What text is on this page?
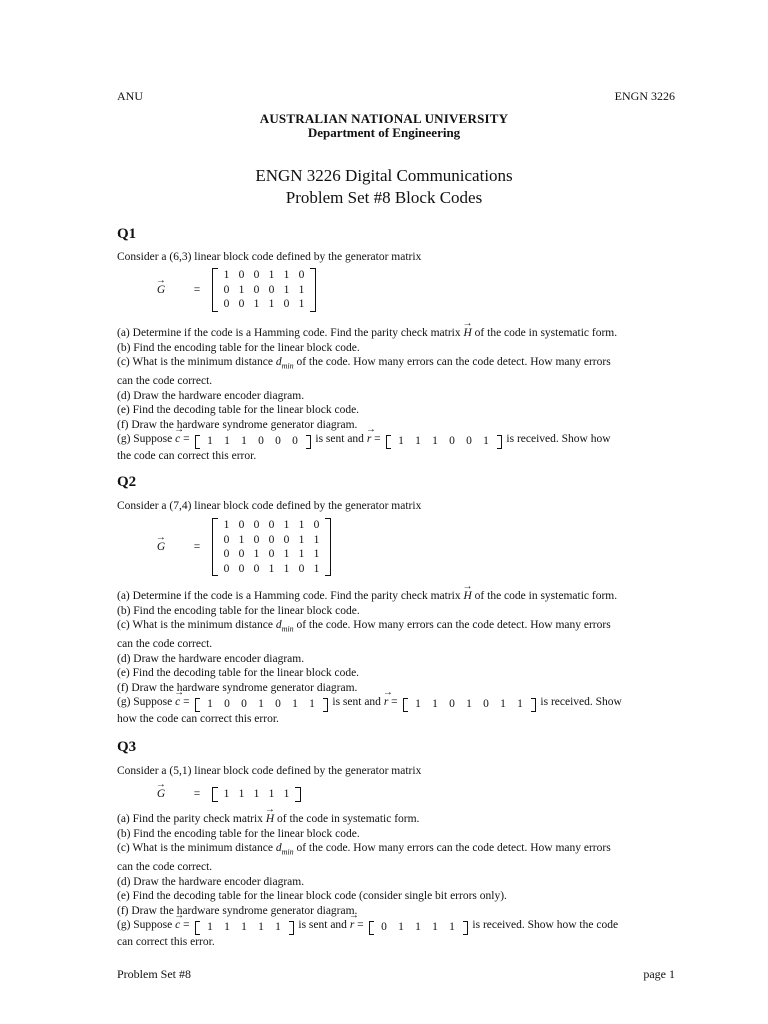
ANU	ENGN 3226
AUSTRALIAN NATIONAL UNIVERSITY
Department of Engineering
ENGN 3226 Digital Communications
Problem Set #8 Block Codes
Q1
Consider a (6,3) linear block code defined by the generator matrix
→ G	=
1 0 0 1 1 0
0 1 0 0 1 1
0 0 1 1 0 1
(a) Determine if the code is a Hamming code. Find the parity check matrix → H of the code in systematic form.
(b) Find the encoding table for the linear block code.
(c) What is the minimum distance $d_{min}$ of the code. How many errors can the code detect. How many errors
can the code correct.
(d) Draw the hardware encoder diagram.
(e) Find the decoding table for the linear block code.
(f) Draw the hardware syndrome generator diagram.
(g) Suppose → c =	1 1 1 0 0 0	is sent and → r =	1 1 1 0 0 1	is received. Show how
the code can correct this error.
Q2
Consider a (7,4) linear block code defined by the generator matrix
→ G	=
1 0 0 0 1 1 0
0 1 0 0 0 1 1
0 0 1 0 1 1 1
0 0 0 1 1 0 1
(a) Determine if the code is a Hamming code. Find the parity check matrix → H of the code in systematic form.
(b) Find the encoding table for the linear block code.
(c) What is the minimum distance $d_{min}$ of the code. How many errors can the code detect. How many errors
can the code correct.
(d) Draw the hardware encoder diagram.
(e) Find the decoding table for the linear block code.
(f) Draw the hardware syndrome generator diagram.
(g) Suppose → c =	1 0 0 1 0 1 1	is sent and → r =	1 1 0 1 0 1 1	is received. Show
how the code can correct this error.
Q3
Consider a (5,1) linear block code defined by the generator matrix
→ G	=	1 1 1 1 1
(a) Find the parity check matrix → H of the code in systematic form.
(b) Find the encoding table for the linear block code.
(c) What is the minimum distance $d_{min}$ of the code. How many errors can the code detect. How many errors
can the code correct.
(d) Draw the hardware encoder diagram.
(e) Find the decoding table for the linear block code (consider single bit errors only).
(f) Draw the hardware syndrome generator diagram.
(g) Suppose → c =	1 1 1 1 1	is sent and → r =	0 1 1 1 1	is received. Show how the code
can correct this error.
Problem Set #8	page 1
